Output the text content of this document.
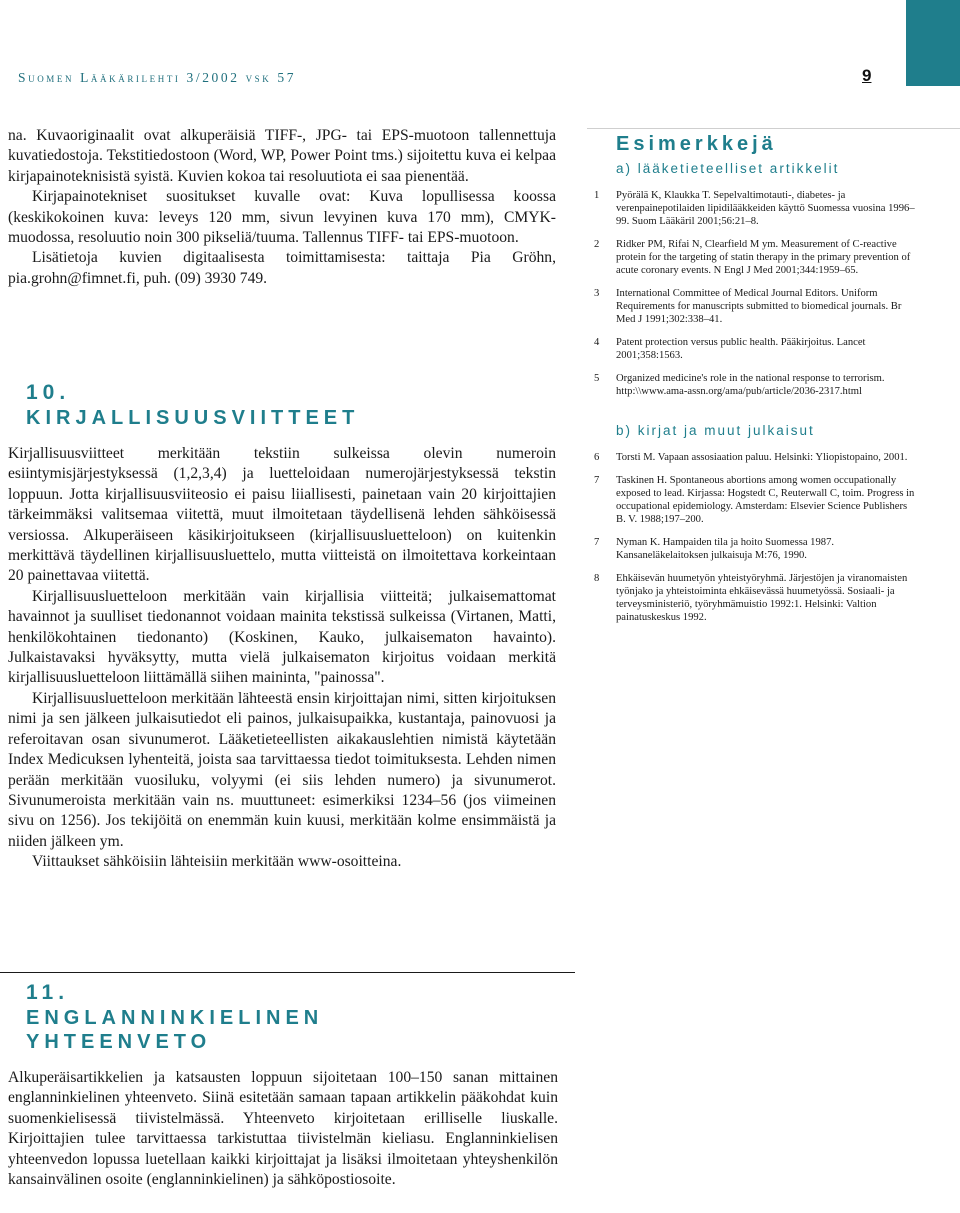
Suomen Lääkärilehti 3/2002 vsk 57	9

na. Kuvaoriginaalit ovat alkuperäisiä TIFF-, JPG- tai EPS-muotoon tallennettuja kuvatiedostoja. Tekstitiedostoon (Word, WP, Power Point tms.) sijoitettu kuva ei kelpaa kirjapainoteknisistä syistä. Kuvien kokoa tai resoluutiota ei saa pienentää.

Kirjapainotekniset suositukset kuvalle ovat: Kuva lopullisessa koossa (keskikokoinen kuva: leveys 120 mm, sivun levyinen kuva 170 mm), CMYK-muodossa, resoluutio noin 300 pikseliä/tuuma. Tallennus TIFF- tai EPS-muotoon.

Lisätietoja kuvien digitaalisesta toimittamisesta: taittaja Pia Gröhn, pia.grohn@fimnet.fi, puh. (09) 3930 749.

10.
KIRJALLISUUSVIITTEET

Kirjallisuusviitteet merkitään tekstiin sulkeissa olevin numeroin esiintymisjärjestyksessä (1,2,3,4) ja luetteloidaan numerojärjestyksessä tekstin loppuun. Jotta kirjallisuusviiteosio ei paisu liiallisesti, painetaan vain 20 kirjoittajien tärkeimmäksi valitsemaa viitettä, muut ilmoitetaan täydellisenä lehden sähköisessä versiossa. Alkuperäiseen käsikirjoitukseen (kirjallisuusluetteloon) on kuitenkin merkittävä täydellinen kirjallisuusluettelo, mutta viitteistä on ilmoitettava korkeintaan 20 painettavaa viitettä.

Kirjallisuusluetteloon merkitään vain kirjallisia viitteitä; julkaisemattomat havainnot ja suulliset tiedonannot voidaan mainita tekstissä sulkeissa (Virtanen, Matti, henkilökohtainen tiedonanto) (Koskinen, Kauko, julkaisematon havainto). Julkaistavaksi hyväksytty, mutta vielä julkaisematon kirjoitus voidaan merkitä kirjallisuusluetteloon liittämällä siihen maininta, "painossa".

Kirjallisuusluetteloon merkitään lähteestä ensin kirjoittajan nimi, sitten kirjoituksen nimi ja sen jälkeen julkaisutiedot eli painos, julkaisupaikka, kustantaja, painovuosi ja referoitavan osan sivunumerot. Lääketieteellisten aikakauslehtien nimistä käytetään Index Medicuksen lyhenteitä, joista saa tarvittaessa tiedot toimituksesta. Lehden nimen perään merkitään vuosiluku, volyymi (ei siis lehden numero) ja sivunumerot. Sivunumeroista merkitään vain ns. muuttuneet: esimerkiksi 1234–56 (jos viimeinen sivu on 1256). Jos tekijöitä on enemmän kuin kuusi, merkitään kolme ensimmäistä ja niiden jälkeen ym.

Viittaukset sähköisiin lähteisiin merkitään www-osoitteina.

11.
ENGLANNINKIELINEN
YHTEENVETO

Alkuperäisartikkelien ja katsausten loppuun sijoitetaan 100–150 sanan mittainen englanninkielinen yhteenveto. Siinä esitetään samaan tapaan artikkelin pääkohdat kuin suomenkielisessä tiivistelmässä. Yhteenveto kirjoitetaan erilliselle liuskalle. Kirjoittajien tulee tarvittaessa tarkistuttaa tiivistelmän kieliasu. Englanninkielisen yhteenvedon lopussa luetellaan kaikki kirjoittajat ja lisäksi ilmoitetaan yhteyshenkilön kansainvälinen osoite (englanninkielinen) ja sähköpostiosoite.

Esimerkkejä
a) lääketieteelliset artikkelit
1 Pyörälä K, Klaukka T. Sepelvaltimotauti-, diabetes- ja verenpainepotilaiden lipidilääkkeiden käyttö Suomessa vuosina 1996–99. Suom Lääkäril 2001;56:21–8.
2 Ridker PM, Rifai N, Clearfield M ym. Measurement of C-reactive protein for the targeting of statin therapy in the primary prevention of acute coronary events. N Engl J Med 2001;344:1959–65.
3 International Committee of Medical Journal Editors. Uniform Requirements for manuscripts submitted to biomedical journals. Br Med J 1991;302:338–41.
4 Patent protection versus public health. Pääkirjoitus. Lancet 2001;358:1563.
5 Organized medicine's role in the national response to terrorism. http:\\www.ama-assn.org/ama/pub/article/2036-2317.html
b) kirjat ja muut julkaisut
6 Torsti M. Vapaan assosiaation paluu. Helsinki: Yliopistopaino, 2001.
7 Taskinen H. Spontaneous abortions among women occupationally exposed to lead. Kirjassa: Hogstedt C, Reuterwall C, toim. Progress in occupational epidemiology. Amsterdam: Elsevier Science Publishers B. V. 1988;197–200.
7 Nyman K. Hampaiden tila ja hoito Suomessa 1987. Kansaneläkelaitoksen julkaisuja M:76, 1990.
8 Ehkäisevän huumetyön yhteistyöryhmä. Järjestöjen ja viranomaisten työnjako ja yhteistoiminta ehkäisevässä huumetyössä. Sosiaali- ja terveysministeriö, työryhmämuistio 1992:1. Helsinki: Valtion painatuskeskus 1992.
